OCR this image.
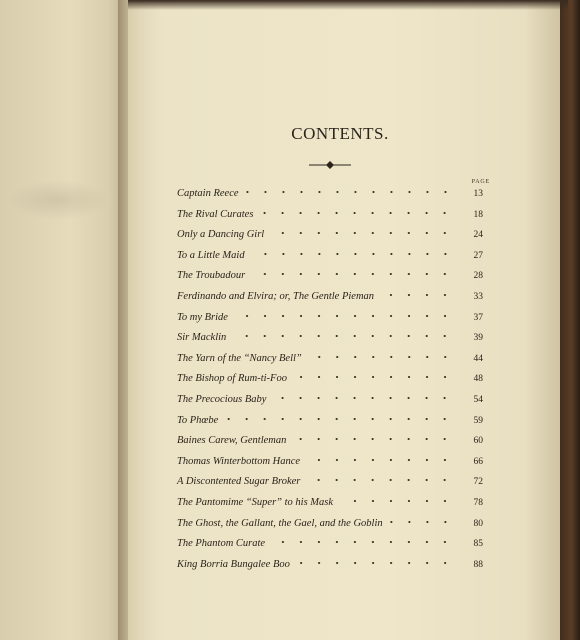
CONTENTS.
PAGE
Captain Reece	13
The Rival Curates	18
Only a Dancing Girl	24
To a Little Maid	27
The Troubadour	28
Ferdinando and Elvira; or, The Gentle Pieman	33
To my Bride	37
Sir Macklin	39
The Yarn of the “Nancy Bell”	44
The Bishop of Rum-ti-Foo	48
The Precocious Baby	54
To Phœbe	59
Baines Carew, Gentleman	60
Thomas Winterbottom Hance	66
A Discontented Sugar Broker	72
The Pantomime “Super” to his Mask	78
The Ghost, the Gallant, the Gael, and the Goblin	80
The Phantom Curate	85
King Borria Bungalee Boo	88
